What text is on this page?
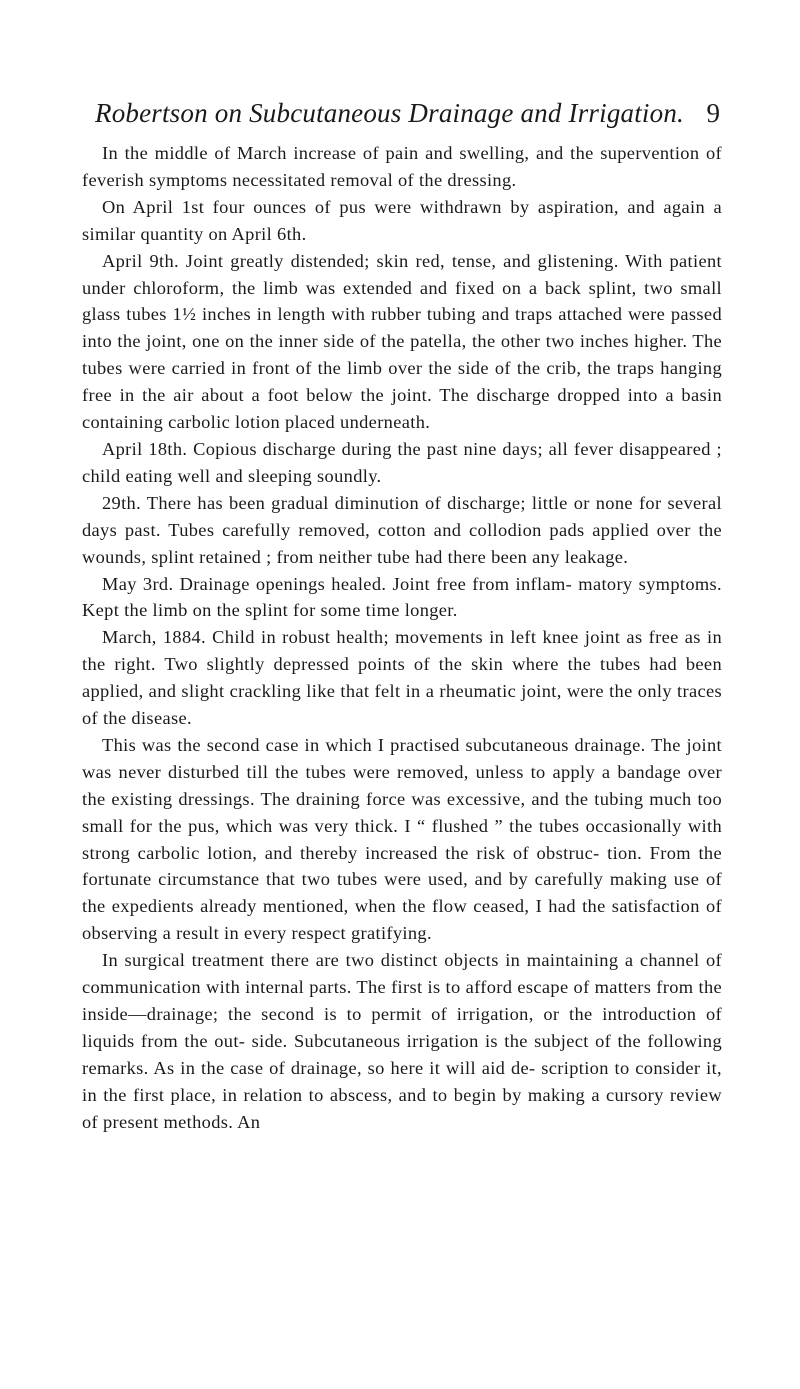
Robertson on Subcutaneous Drainage and Irrigation. 9

In the middle of March increase of pain and swelling, and the supervention of feverish symptoms necessitated removal of the dressing.

On April 1st four ounces of pus were withdrawn by aspiration, and again a similar quantity on April 6th.

April 9th. Joint greatly distended; skin red, tense, and glistening. With patient under chloroform, the limb was extended and fixed on a back splint, two small glass tubes 1½ inches in length with rubber tubing and traps attached were passed into the joint, one on the inner side of the patella, the other two inches higher. The tubes were carried in front of the limb over the side of the crib, the traps hanging free in the air about a foot below the joint. The discharge dropped into a basin containing carbolic lotion placed underneath.

April 18th. Copious discharge during the past nine days; all fever disappeared ; child eating well and sleeping soundly.

29th. There has been gradual diminution of discharge; little or none for several days past. Tubes carefully removed, cotton and collodion pads applied over the wounds, splint retained ; from neither tube had there been any leakage.

May 3rd. Drainage openings healed. Joint free from inflam- matory symptoms. Kept the limb on the splint for some time longer.

March, 1884. Child in robust health; movements in left knee joint as free as in the right. Two slightly depressed points of the skin where the tubes had been applied, and slight crackling like that felt in a rheumatic joint, were the only traces of the disease.

This was the second case in which I practised subcutaneous drainage. The joint was never disturbed till the tubes were removed, unless to apply a bandage over the existing dressings. The draining force was excessive, and the tubing much too small for the pus, which was very thick. I “ flushed ” the tubes occasionally with strong carbolic lotion, and thereby increased the risk of obstruc- tion. From the fortunate circumstance that two tubes were used, and by carefully making use of the expedients already mentioned, when the flow ceased, I had the satisfaction of observing a result in every respect gratifying.

In surgical treatment there are two distinct objects in maintaining a channel of communication with internal parts. The first is to afford escape of matters from the inside—drainage; the second is to permit of irrigation, or the introduction of liquids from the out- side. Subcutaneous irrigation is the subject of the following remarks. As in the case of drainage, so here it will aid de- scription to consider it, in the first place, in relation to abscess, and to begin by making a cursory review of present methods. An
